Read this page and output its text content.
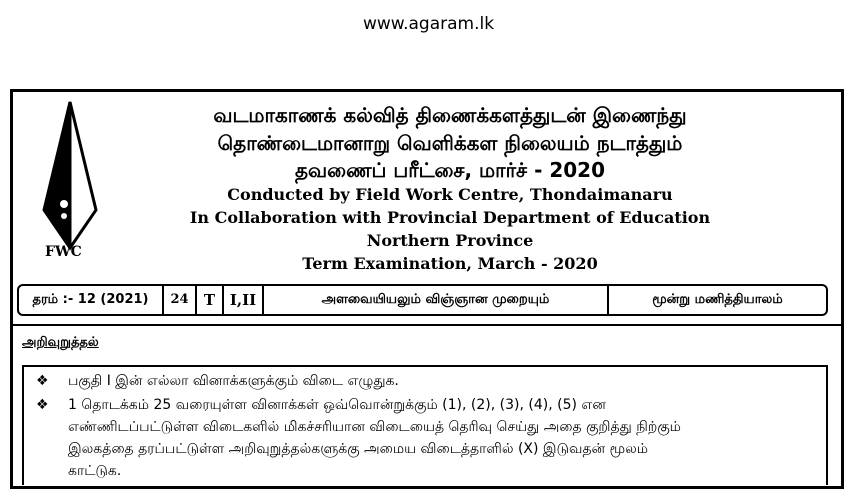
www.agaram.lk
FWC
வடமாகாணக் கல்வித் திணைக்களத்துடன் இணைந்து
தொண்டைமானாறு வெளிக்கள நிலையம் நடாத்தும்
தவணைப் பரீட்சை, மார்ச் - 2020
Conducted by Field Work Centre, Thondaimanaru
In Collaboration with Provincial Department of Education
Northern Province
Term Examination, March - 2020
தரம் :- 12 (2021)	24	T I,II	அளவையியலும் விஞ்ஞான முறையும்	மூன்று மணித்தியாலம்
அறிவுறுத்தல்
❖ பகுதி I இன் எல்லா வினாக்களுக்கும் விடை எழுதுக.
❖ 1 தொடக்கம் 25 வரையுள்ள வினாக்கள் ஒவ்வொன்றுக்கும் (1), (2), (3), (4), (5) என
எண்ணிடப்பட்டுள்ள விடைகளில் மிகச்சரியான விடையைத் தெரிவு செய்து அதை குறித்து நிற்கும்
இலகத்தை தரப்பட்டுள்ள அறிவுறுத்தல்களுக்கு அமைய விடைத்தாளில் (X) இடுவதன் மூலம்
காட்டுக.
